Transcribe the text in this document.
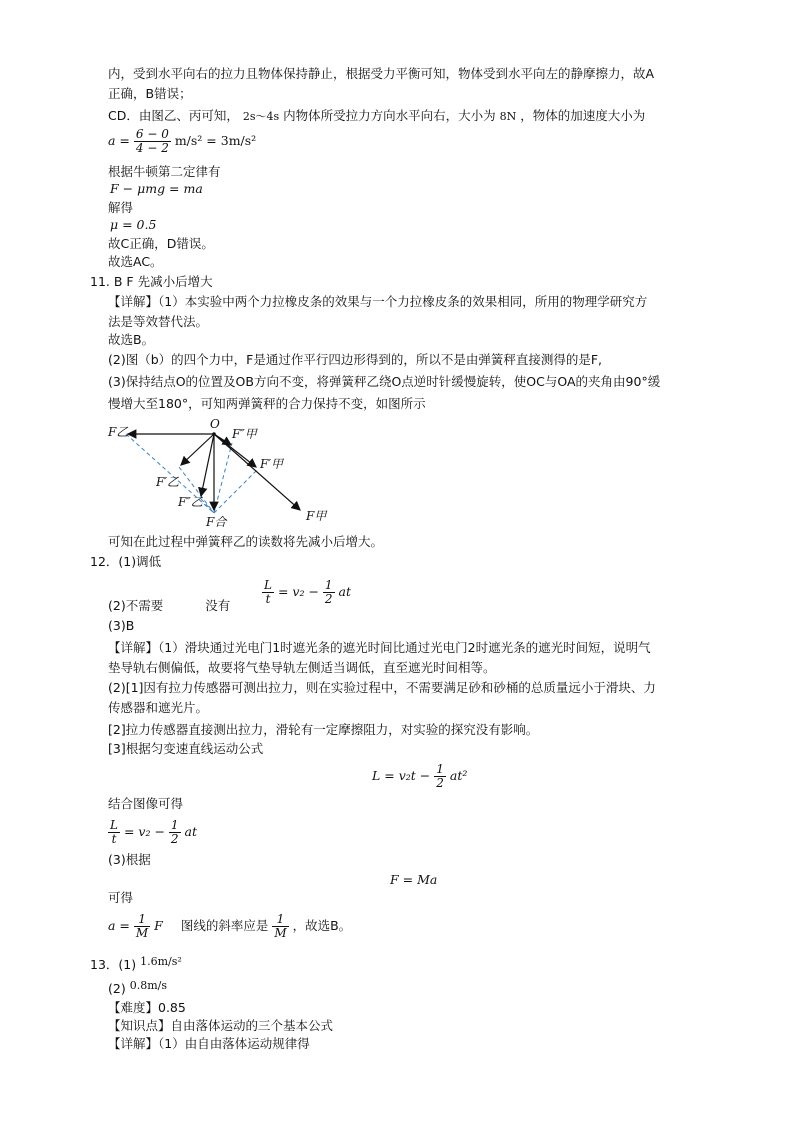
内，受到水平向右的拉力且物体保持静止，根据受力平衡可知，物体受到水平向左的静摩擦力，故A
正确，B错误；
CD．由图乙、丙可知， 2s～4s 内物体所受拉力方向水平向右，大小为 8N ，物体的加速度大小为
$a = \frac{6 - 0}{4 - 2} m/s^2 = 3m/s^2$
根据牛顿第二定律有
F − μmg = ma
解得
μ = 0.5
故C正确，D错误。
故选AC。
11. B F 先减小后增大
【详解】（1）本实验中两个力拉橡皮条的效果与一个力拉橡皮条的效果相同，所用的物理学研究方
法是等效替代法。
故选B。
(2)图（b）的四个力中，F是通过作平行四边形得到的，所以不是由弹簧秤直接测得的是F,
(3)保持结点O的位置及OB方向不变，将弹簧秤乙绕O点逆时针缓慢旋转，使OC与OA的夹角由90°缓
慢增大至180°，可知两弹簧秤的合力保持不变，如图所示
O
F乙
F′乙
F″乙
F合	F甲
F′甲
F″甲
可知在此过程中弹簧秤乙的读数将先减小后增大。
12．(1)调低
$\frac{L}{t} = v_2 - \frac{1}{2}$ at
(2)不需要	没有
(3)B
【详解】（1）滑块通过光电门1时遮光条的遮光时间比通过光电门2时遮光条的遮光时间短，说明气
垫导轨右侧偏低，故要将气垫导轨左侧适当调低，直至遮光时间相等。
(2)[1]因有拉力传感器可测出拉力，则在实验过程中，不需要满足砂和砂桶的总质量远小于滑块、力
传感器和遮光片。
[2]拉力传感器直接测出拉力，滑轮有一定摩擦阻力，对实验的探究没有影响。
[3]根据匀变速直线运动公式
$L = v_2t - \frac{1}{2} at^2$
结合图像可得
$\frac{L}{t} = v_2 - \frac{1}{2}$ at
(3)根据
F = Ma
可得
$a = \frac{1}{M}$ F 图线的斜率应是 $\frac{1}{M}$ ，故选B。
13．(1) 1.6m/s²
(2) 0.8m/s
【难度】0.85
【知识点】自由落体运动的三个基本公式
【详解】（1）由自由落体运动规律得
